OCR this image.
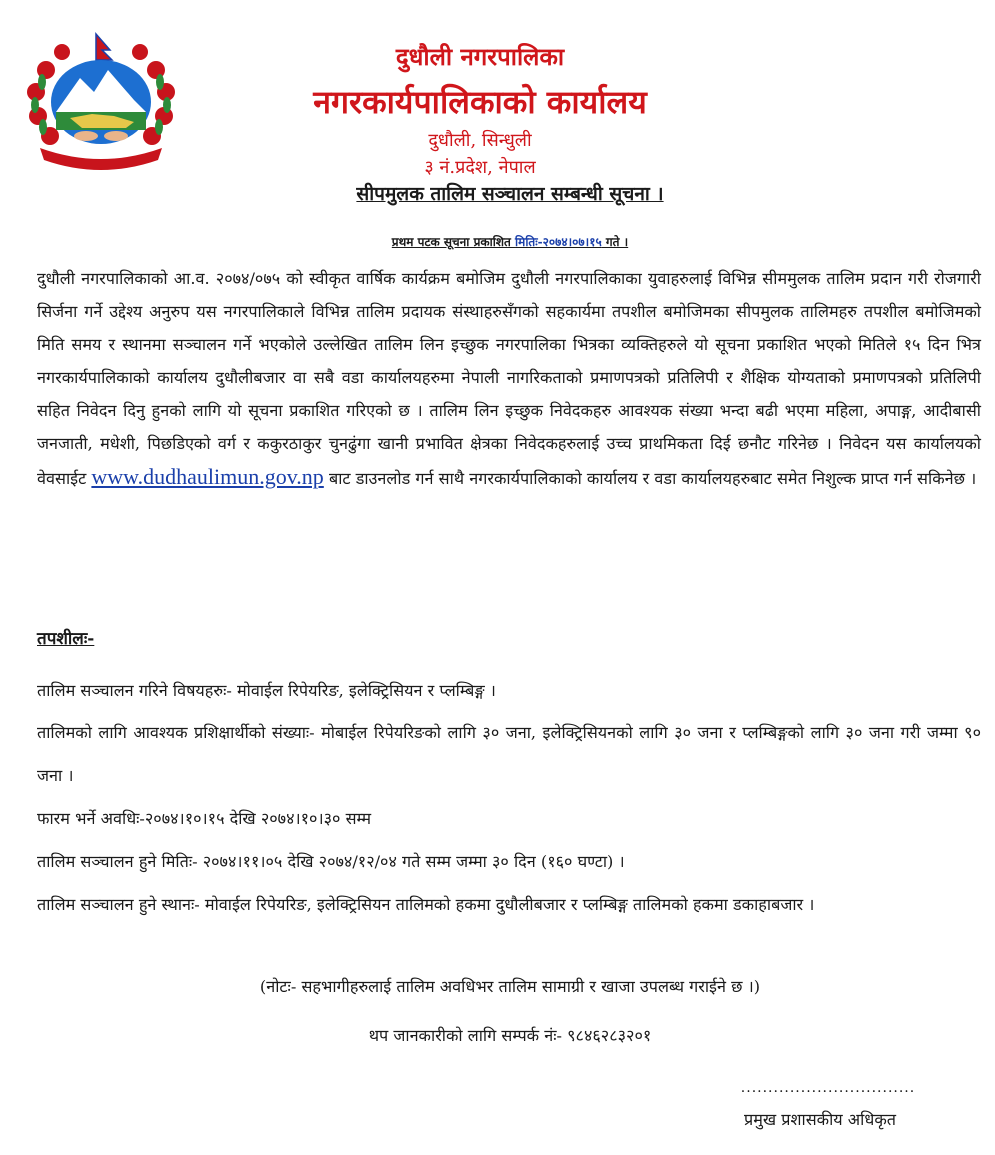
दुधौली नगरपालिका
नगरकार्यपालिकाको कार्यालय
दुधौली, सिन्धुली
३ नं.प्रदेश, नेपाल
सीपमुलक तालिम सञ्चालन सम्बन्धी सूचना ।
प्रथम पटक सूचना प्रकाशित मितिः-२०७४।०७।१५ गते ।

दुधौली नगरपालिकाको आ.व. २०७४/०७५ को स्वीकृत वार्षिक कार्यक्रम बमोजिम दुधौली नगरपालिकाका युवाहरुलाई विभिन्न सीममुलक तालिम प्रदान गरी रोजगारी सिर्जना गर्ने उद्देश्य अनुरुप यस नगरपालिकाले विभिन्न तालिम प्रदायक संस्थाहरुसँगको सहकार्यमा तपशील बमोजिमका सीपमुलक तालिमहरु तपशील बमोजिमको मिति समय र स्थानमा सञ्चालन गर्ने भएकोले उल्लेखित तालिम लिन इच्छुक नगरपालिका भित्रका व्यक्तिहरुले यो सूचना प्रकाशित भएको मितिले १५ दिन भित्र नगरकार्यपालिकाको कार्यालय दुधौलीबजार वा सबै वडा कार्यालयहरुमा नेपाली नागरिकताको प्रमाणपत्रको प्रतिलिपी र शैक्षिक योग्यताको प्रमाणपत्रको प्रतिलिपी सहित निवेदन दिनु हुनको लागि यो सूचना प्रकाशित गरिएको छ । तालिम लिन इच्छुक निवेदकहरु आवश्यक संख्या भन्दा बढी भएमा महिला, अपाङ्ग, आदीबासी जनजाती, मधेशी, पिछडिएको वर्ग र ककुरठाकुर चुनढुंगा खानी प्रभावित क्षेत्रका निवेदकहरुलाई उच्च प्राथमिकता दिई छनौट गरिनेछ । निवेदन यस कार्यालयको वेवसाईट www.dudhaulimun.gov.np बाट डाउनलोड गर्न साथै नगरकार्यपालिकाको कार्यालय र वडा कार्यालयहरुबाट समेत निशुल्क प्राप्त गर्न सकिनेछ ।

तपशीलः-

तालिम सञ्चालन गरिने विषयहरुः- मोवाईल रिपेयरिङ, इलेक्ट्रिसियन र प्लम्बिङ्ग ।

तालिमको लागि आवश्यक प्रशिक्षार्थीको संख्याः- मोबाईल रिपेयरिङको लागि ३० जना, इलेक्ट्रिसियनको लागि ३० जना र प्लम्बिङ्गको लागि ३० जना गरी जम्मा ९० जना ।

फारम भर्ने अवधिः-२०७४।१०।१५ देखि २०७४।१०।३० सम्म

तालिम सञ्चालन हुने मितिः- २०७४।११।०५ देखि २०७४/१२/०४ गते सम्म जम्मा ३० दिन (१६० घण्टा) ।

तालिम सञ्चालन हुने स्थानः- मोवाईल रिपेयरिङ, इलेक्ट्रिसियन तालिमको हकमा दुधौलीबजार र प्लम्बिङ्ग तालिमको हकमा डकाहाबजार ।

(नोटः- सहभागीहरुलाई तालिम अवधिभर तालिम सामाग्री र खाजा उपलब्ध गराईने छ ।)
थप जानकारीको लागि सम्पर्क नंः- ९८४६२८३२०१
................................
प्रमुख प्रशासकीय अधिकृत
